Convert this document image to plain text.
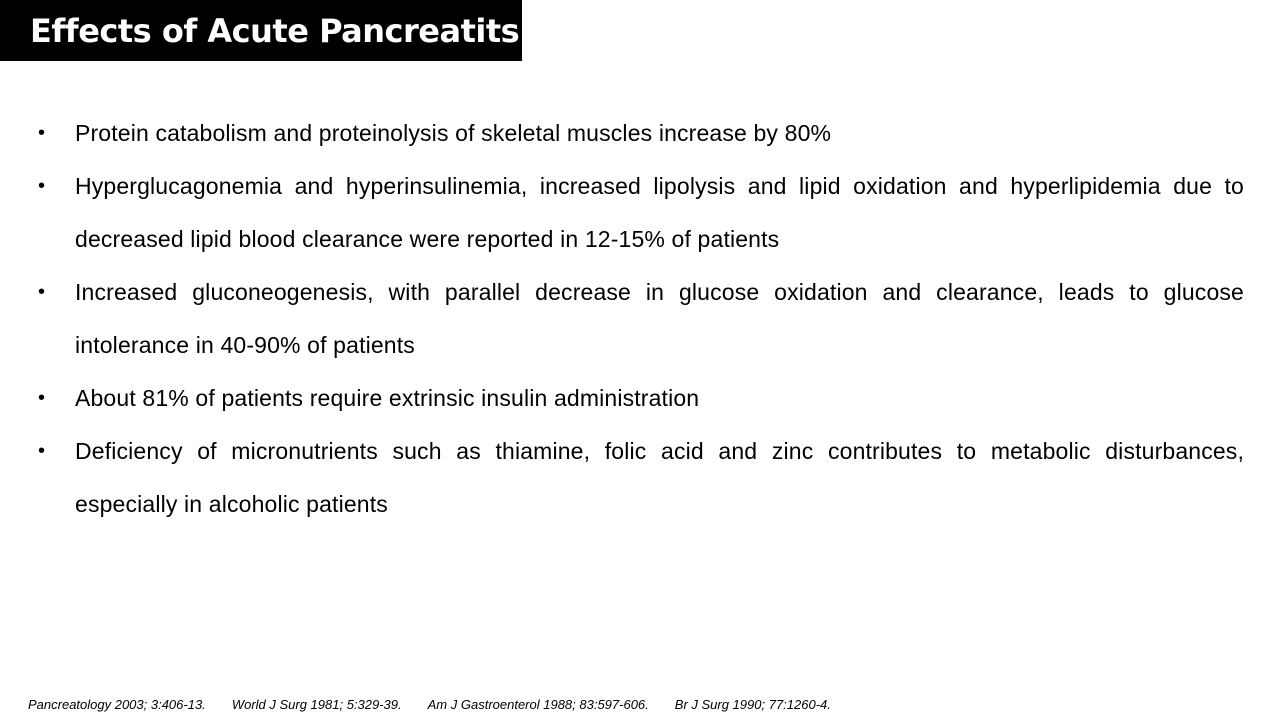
Effects of Acute Pancreatits
• Protein catabolism and proteinolysis of skeletal muscles increase by 80%
• Hyperglucagonemia and hyperinsulinemia, increased lipolysis and lipid oxidation and hyperlipidemia due to decreased lipid blood clearance were reported in 12-15% of patients
• Increased gluconeogenesis, with parallel decrease in glucose oxidation and clearance, leads to glucose intolerance in 40-90% of patients
• About 81% of patients require extrinsic insulin administration
• Deficiency of micronutrients such as thiamine, folic acid and zinc contributes to metabolic disturbances, especially in alcoholic patients
Pancreatology 2003; 3:406-13. World J Surg 1981; 5:329-39. Am J Gastroenterol 1988; 83:597-606. Br J Surg 1990; 77:1260-4.
